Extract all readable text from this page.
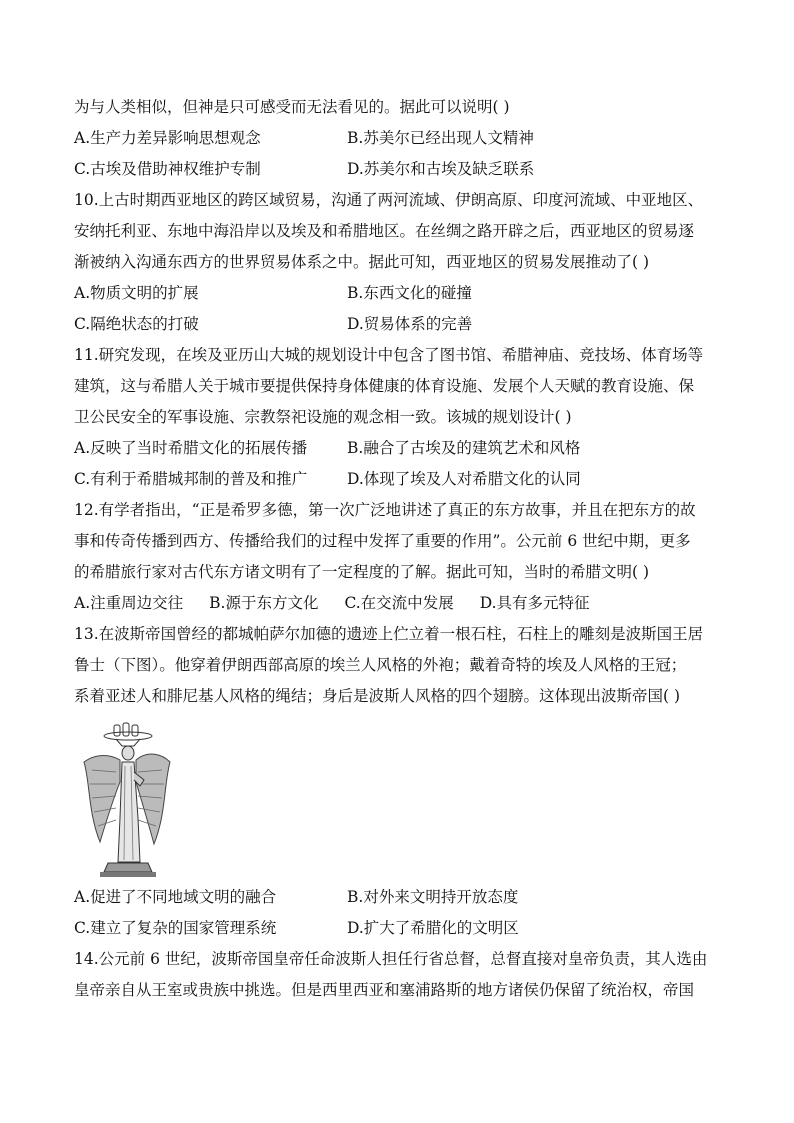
为与人类相似，但神是只可感受而无法看见的。据此可以说明( )
A.生产力差异影响思想观念	B.苏美尔已经出现人文精神
C.古埃及借助神权维护专制	D.苏美尔和古埃及缺乏联系
10.上古时期西亚地区的跨区域贸易，沟通了两河流域、伊朗高原、印度河流域、中亚地区、
安纳托利亚、东地中海沿岸以及埃及和希腊地区。在丝绸之路开辟之后，西亚地区的贸易逐
渐被纳入沟通东西方的世界贸易体系之中。据此可知，西亚地区的贸易发展推动了( )
A.物质文明的扩展	B.东西文化的碰撞
C.隔绝状态的打破	D.贸易体系的完善
11.研究发现，在埃及亚历山大城的规划设计中包含了图书馆、希腊神庙、竞技场、体育场等
建筑，这与希腊人关于城市要提供保持身体健康的体育设施、发展个人天赋的教育设施、保
卫公民安全的军事设施、宗教祭祀设施的观念相一致。该城的规划设计( )
A.反映了当时希腊文化的拓展传播	B.融合了古埃及的建筑艺术和风格
C.有利于希腊城邦制的普及和推广	D.体现了埃及人对希腊文化的认同
12.有学者指出，“正是希罗多德，第一次广泛地讲述了真正的东方故事，并且在把东方的故
事和传奇传播到西方、传播给我们的过程中发挥了重要的作用”。公元前 6 世纪中期，更多
的希腊旅行家对古代东方诸文明有了一定程度的了解。据此可知，当时的希腊文明( )
A.注重周边交往 B.源于东方文化 C.在交流中发展 D.具有多元特征
13.在波斯帝国曾经的都城帕萨尔加德的遗迹上伫立着一根石柱，石柱上的雕刻是波斯国王居
鲁士（下图）。他穿着伊朗西部高原的埃兰人风格的外袍；戴着奇特的埃及人风格的王冠；
系着亚述人和腓尼基人风格的绳结；身后是波斯人风格的四个翅膀。这体现出波斯帝国( )
A.促进了不同地域文明的融合	B.对外来文明持开放态度
C.建立了复杂的国家管理系统	D.扩大了希腊化的文明区
14.公元前 6 世纪，波斯帝国皇帝任命波斯人担任行省总督，总督直接对皇帝负责，其人选由
皇帝亲自从王室或贵族中挑选。但是西里西亚和塞浦路斯的地方诸侯仍保留了统治权，帝国
